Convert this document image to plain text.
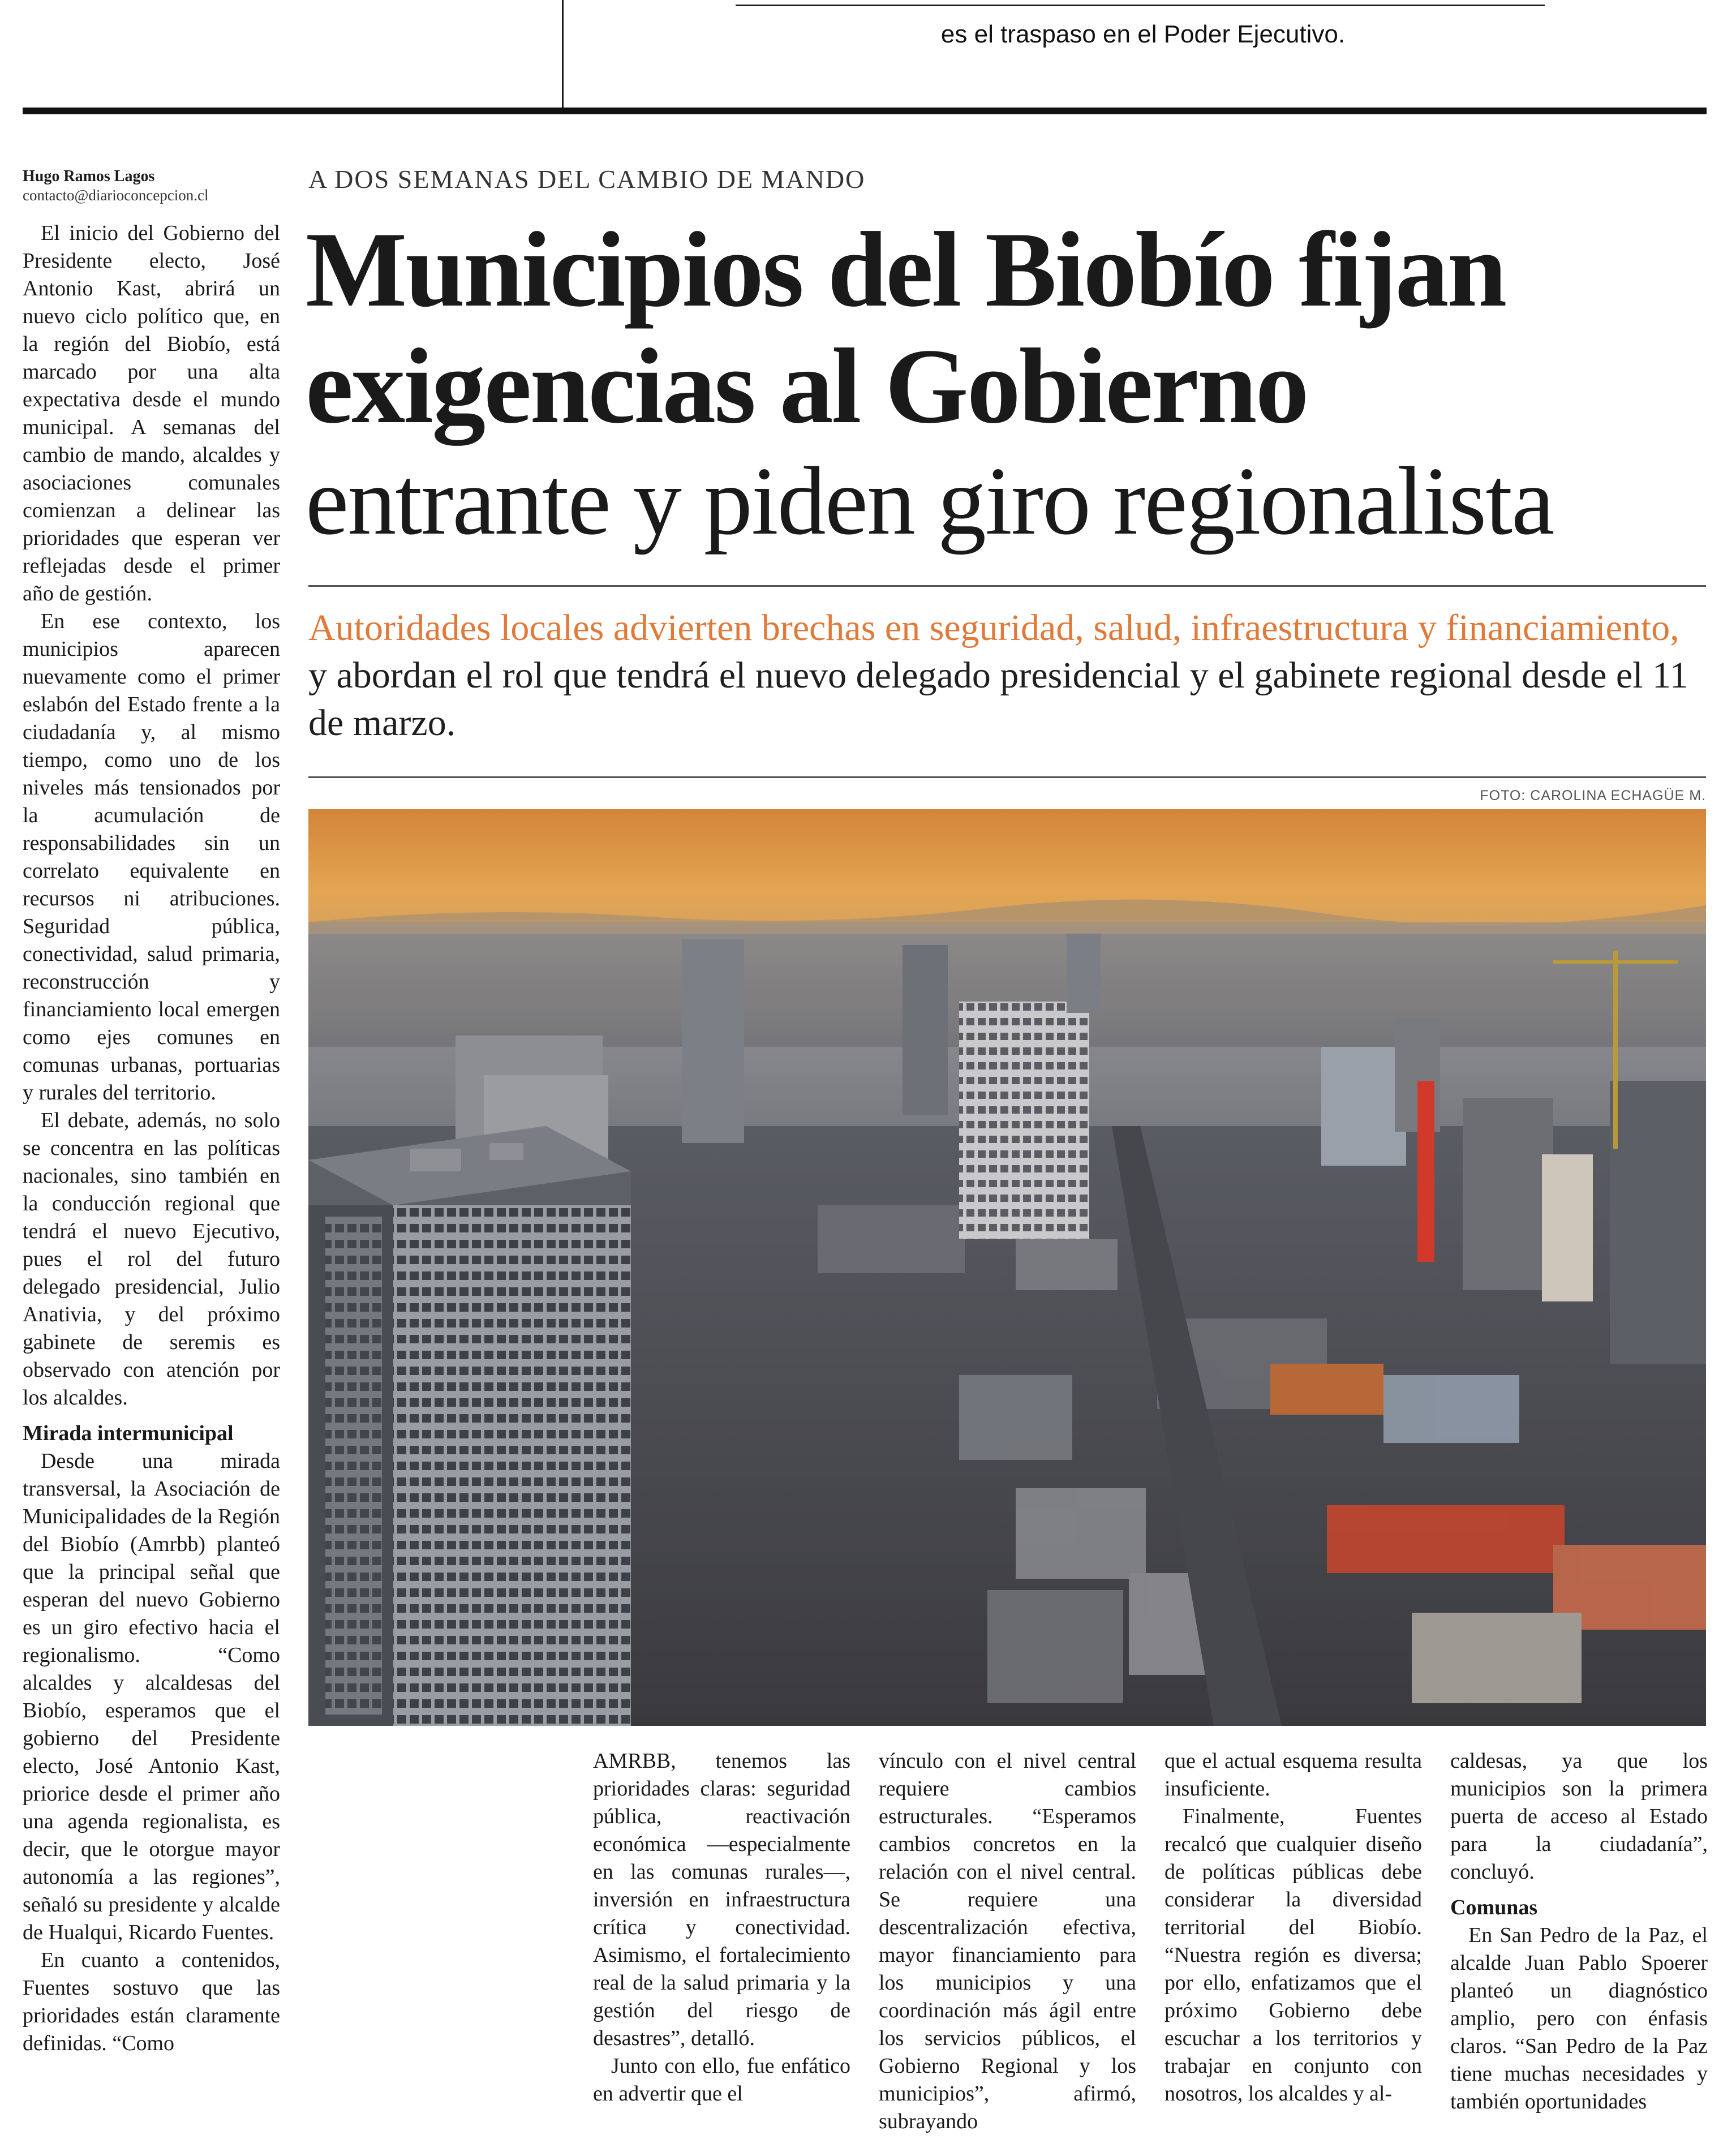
es el traspaso en el Poder Ejecutivo.
Hugo Ramos Lagos
contacto@diarioconcepcion.cl
A DOS SEMANAS DEL CAMBIO DE MANDO
Municipios del Biobío fijan
exigencias al Gobierno
entrante y piden giro regionalista
Autoridades locales advierten brechas en seguridad, salud, infraestructura y financiamiento, y abordan el rol que tendrá el nuevo delegado presidencial y el gabinete regional desde el 11 de marzo.
FOTO: CAROLINA ECHAGÜE M.

El inicio del Gobierno del Presidente electo, José Antonio Kast, abrirá un nuevo ciclo político que, en la región del Biobío, está marcado por una alta expectativa desde el mundo municipal. A semanas del cambio de mando, alcaldes y asociaciones comunales comienzan a delinear las prioridades que esperan ver reflejadas desde el primer año de gestión.

En ese contexto, los municipios aparecen nuevamente como el primer eslabón del Estado frente a la ciudadanía y, al mismo tiempo, como uno de los niveles más tensionados por la acumulación de responsabilidades sin un correlato equivalente en recursos ni atribuciones. Seguridad pública, conectividad, salud primaria, reconstrucción y financiamiento local emergen como ejes comunes en comunas urbanas, portuarias y rurales del territorio.

El debate, además, no solo se concentra en las políticas nacionales, sino también en la conducción regional que tendrá el nuevo Ejecutivo, pues el rol del futuro delegado presidencial, Julio Anativia, y del próximo gabinete de seremis es observado con atención por los alcaldes.

Mirada intermunicipal

Desde una mirada transversal, la Asociación de Municipalidades de la Región del Biobío (Amrbb) planteó que la principal señal que esperan del nuevo Gobierno es un giro efectivo hacia el regionalismo. “Como alcaldes y alcaldesas del Biobío, esperamos que el gobierno del Presidente electo, José Antonio Kast, priorice desde el primer año una agenda regionalista, es decir, que le otorgue mayor autonomía a las regiones”, señaló su presidente y alcalde de Hualqui, Ricardo Fuentes.

En cuanto a contenidos, Fuentes sostuvo que las prioridades están claramente definidas. “Como

AMRBB, tenemos las prioridades claras: seguridad pública, reactivación económica —especialmente en las comunas rurales—, inversión en infraestructura crítica y conectividad. Asimismo, el fortalecimiento real de la salud primaria y la gestión del riesgo de desastres”, detalló.

Junto con ello, fue enfático en advertir que el

vínculo con el nivel central requiere cambios estructurales. “Esperamos cambios concretos en la relación con el nivel central. Se requiere una descentralización efectiva, mayor financiamiento para los municipios y una coordinación más ágil entre los servicios públicos, el Gobierno Regional y los municipios”, afirmó, subrayando

que el actual esquema resulta insuficiente.

Finalmente, Fuentes recalcó que cualquier diseño de políticas públicas debe considerar la diversidad territorial del Biobío. “Nuestra región es diversa; por ello, enfatizamos que el próximo Gobierno debe escuchar a los territorios y trabajar en conjunto con nosotros, los alcaldes y al-

caldesas, ya que los municipios son la primera puerta de acceso al Estado para la ciudadanía”, concluyó.

Comunas

En San Pedro de la Paz, el alcalde Juan Pablo Spoerer planteó un diagnóstico amplio, pero con énfasis claros. “San Pedro de la Paz tiene muchas necesidades y también oportunidades
